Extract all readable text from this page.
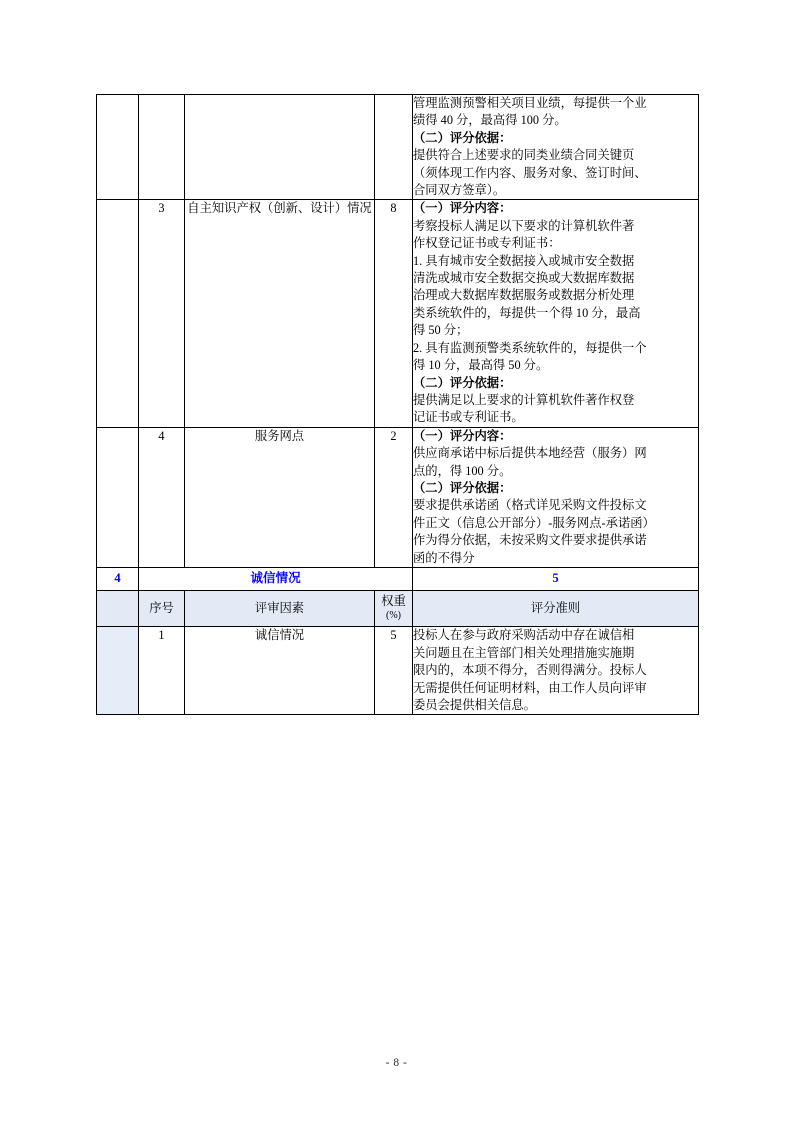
管理监测预警相关项目业绩，每提供一个业

绩得 40 分，最高得 100 分。

（二）评分依据：

提供符合上述要求的同类业绩合同关键页

（须体现工作内容、服务对象、签订时间、

合同双方签章）。

	3	自主知识产权（创新、设计）情况	8	（一）评分内容：

考察投标人满足以下要求的计算机软件著

作权登记证书或专利证书：

1. 具有城市安全数据接入或城市安全数据

清洗或城市安全数据交换或大数据库数据

治理或大数据库数据服务或数据分析处理

类系统软件的，每提供一个得 10 分，最高

得 50 分；

2. 具有监测预警类系统软件的，每提供一个

得 10 分，最高得 50 分。

（二）评分依据：

提供满足以上要求的计算机软件著作权登

记证书或专利证书。

	4	服务网点	2	（一）评分内容：

供应商承诺中标后提供本地经营（服务）网

点的，得 100 分。

（二）评分依据：

要求提供承诺函（格式详见采购文件投标文

件正文（信息公开部分）-服务网点-承诺函）

作为得分依据，未按采购文件要求提供承诺

函的不得分

4	诚信情况			5
	序号	评审因素	权重
(%)	评分准则
	1	诚信情况	5	投标人在参与政府采购活动中存在诚信相

关问题且在主管部门相关处理措施实施期

限内的，本项不得分，否则得满分。投标人

无需提供任何证明材料，由工作人员向评审

委员会提供相关信息。

- 8 -
